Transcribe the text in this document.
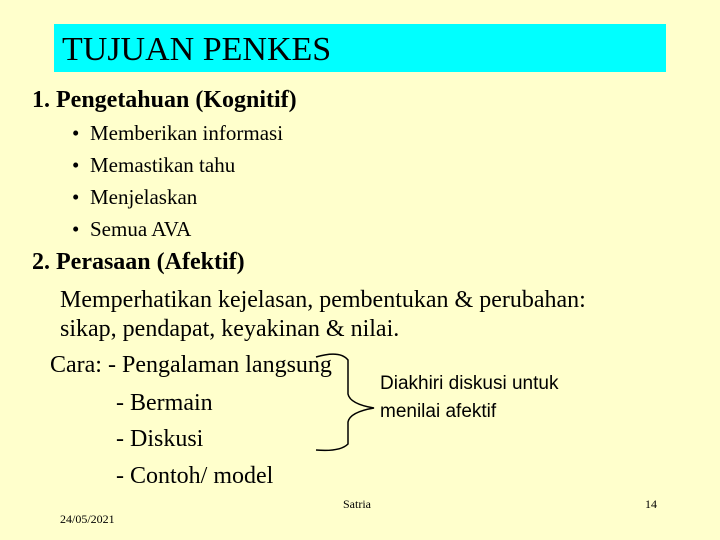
TUJUAN PENKES
1. Pengetahuan (Kognitif)
• Memberikan informasi
• Memastikan tahu
• Menjelaskan
• Semua AVA
2. Perasaan (Afektif)
Memperhatikan kejelasan, pembentukan & perubahan:
sikap, pendapat, keyakinan & nilai.
Cara: - Pengalaman langsung
- Bermain
- Diskusi
- Contoh/ model
Diakhiri diskusi untuk
menilai afektif
24/05/2021
Satria	14
